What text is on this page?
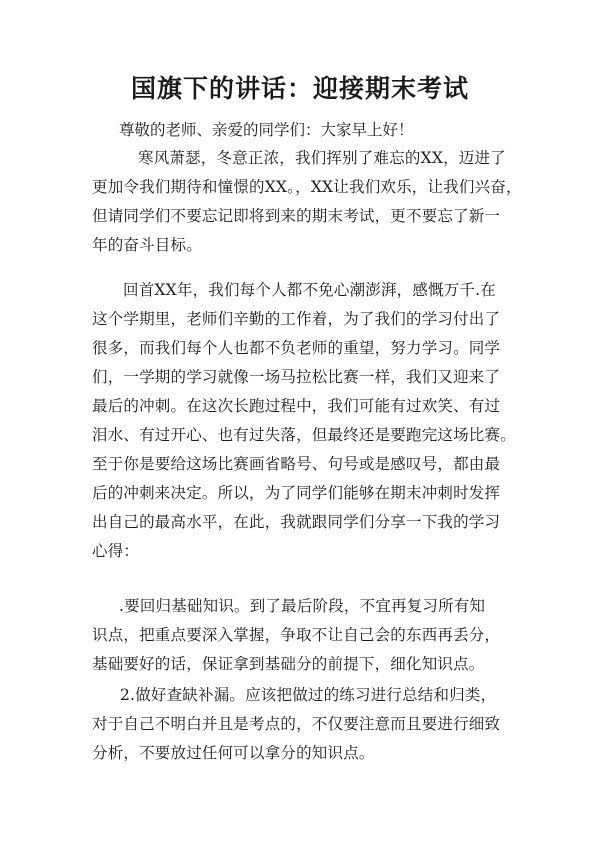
国旗下的讲话：迎接期末考试
尊敬的老师、亲爱的同学们：大家早上好！
寒风萧瑟，冬意正浓，我们挥别了难忘的XX，迈进了
更加令我们期待和憧憬的XX。，XX让我们欢乐，让我们兴奋，
但请同学们不要忘记即将到来的期末考试，更不要忘了新一
年的奋斗目标。
回首XX年，我们每个人都不免心潮澎湃，感慨万千.在
这个学期里，老师们辛勤的工作着，为了我们的学习付出了
很多，而我们每个人也都不负老师的重望，努力学习。同学
们，一学期的学习就像一场马拉松比赛一样，我们又迎来了
最后的冲刺。在这次长跑过程中，我们可能有过欢笑、有过
泪水、有过开心、也有过失落，但最终还是要跑完这场比赛。
至于你是要给这场比赛画省略号、句号或是感叹号，都由最
后的冲刺来决定。所以，为了同学们能够在期末冲刺时发挥
出自己的最高水平，在此，我就跟同学们分享一下我的学习
心得：
.要回归基础知识。到了最后阶段，不宜再复习所有知
识点，把重点要深入掌握，争取不让自己会的东西再丢分，
基础要好的话，保证拿到基础分的前提下，细化知识点。
2.做好查缺补漏。应该把做过的练习进行总结和归类，
对于自己不明白并且是考点的，不仅要注意而且要进行细致
分析，不要放过任何可以拿分的知识点。
